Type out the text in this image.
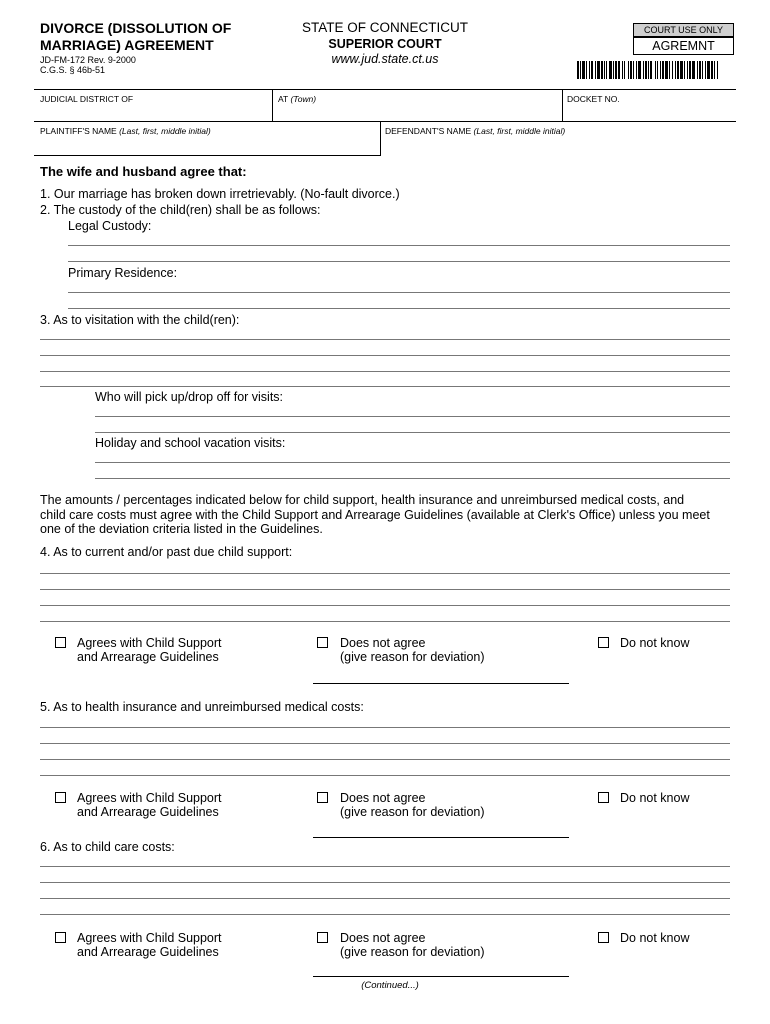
DIVORCE (DISSOLUTION OF
MARRIAGE) AGREEMENT
JD-FM-172 Rev. 9-2000
C.G.S. § 46b-51
STATE OF CONNECTICUT
SUPERIOR COURT
www.jud.state.ct.us
COURT USE ONLY
AGREMNT
JUDICIAL DISTRICT OF	AT (Town)	DOCKET NO.
PLAINTIFF'S NAME (Last, first, middle initial)	DEFENDANT'S NAME (Last, first, middle initial)
The wife and husband agree that:
1. Our marriage has broken down irretrievably. (No-fault divorce.)
2. The custody of the child(ren) shall be as follows:
Legal Custody:
Primary Residence:
3. As to visitation with the child(ren):
Who will pick up/drop off for visits:
Holiday and school vacation visits:
The amounts / percentages indicated below for child support, health insurance and unreimbursed medical costs, and
child care costs must agree with the Child Support and Arrearage Guidelines (available at Clerk's Office) unless you meet
one of the deviation criteria listed in the Guidelines.
4. As to current and/or past due child support:
Agrees with Child Support
and Arrearage Guidelines
Does not agree
(give reason for deviation)
Do not know
5. As to health insurance and unreimbursed medical costs:
Agrees with Child Support
and Arrearage Guidelines
Does not agree
(give reason for deviation)
Do not know
6. As to child care costs:
Agrees with Child Support
and Arrearage Guidelines
Does not agree
(give reason for deviation)
Do not know
(Continued...)
